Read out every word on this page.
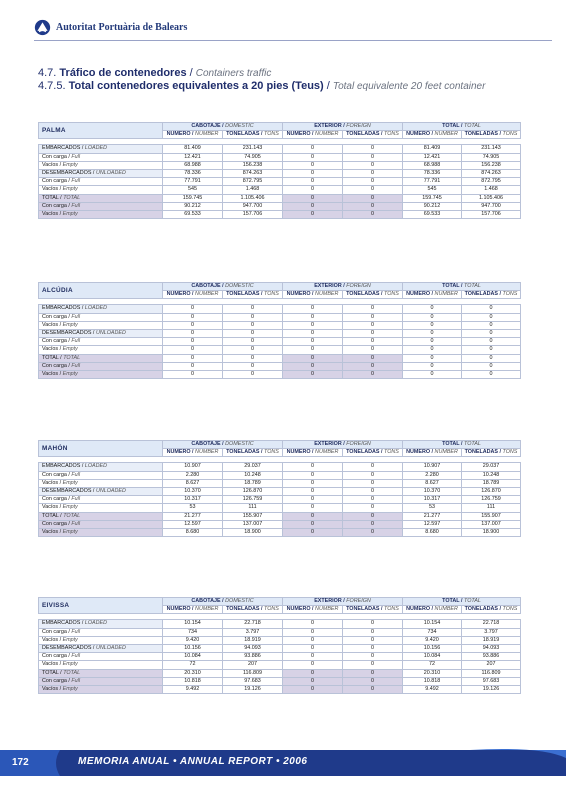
Autoritat Portuària de Balears
4.7. Tráfico de contenedores / Containers traffic
4.7.5. Total contenedores equivalentes a 20 pies (Teus) / Total equivalente 20 feet container
PALMA	CABOTAJE / DOMESTIC		EXTERIOR / FOREIGN		TOTAL / TOTAL	
	NÚMERO / NUMBER	TONELADAS / TONS	NÚMERO / NUMBER	TONELADAS / TONS	NÚMERO / NUMBER	TONELADAS / TONS

EMBARCADOS / LOADED	81.409	231.143	0	0	81.409	231.143
Con carga / Full	12.421	74.905	0	0	12.421	74.905
Vacíos / Empty	68.988	156.238	0	0	68.988	156.238
DESEMBARCADOS / UNLOADED	78.336	874.263	0	0	78.336	874.263
Con carga / Full	77.791	872.795	0	0	77.791	872.795
Vacíos / Empty	545	1.468	0	0	545	1.468
TOTAL / TOTAL	159.745	1.105.406	0	0	159.745	1.105.406
Con carga / Full	90.212	947.700	0	0	90.212	947.700
Vacíos / Empty	69.533	157.706	0	0	69.533	157.706
ALCÚDIA	CABOTAJE / DOMESTIC		EXTERIOR / FOREIGN		TOTAL / TOTAL	
	NÚMERO / NUMBER	TONELADAS / TONS	NÚMERO / NUMBER	TONELADAS / TONS	NÚMERO / NUMBER	TONELADAS / TONS

EMBARCADOS / LOADED	0	0	0	0	0	0
Con carga / Full	0	0	0	0	0	0
Vacíos / Empty	0	0	0	0	0	0
DESEMBARCADOS / UNLOADED	0	0	0	0	0	0
Con carga / Full	0	0	0	0	0	0
Vacíos / Empty	0	0	0	0	0	0
TOTAL / TOTAL	0	0	0	0	0	0
Con carga / Full	0	0	0	0	0	0
Vacíos / Empty	0	0	0	0	0	0
MAHÓN	CABOTAJE / DOMESTIC		EXTERIOR / FOREIGN		TOTAL / TOTAL	
	NÚMERO / NUMBER	TONELADAS / TONS	NÚMERO / NUMBER	TONELADAS / TONS	NÚMERO / NUMBER	TONELADAS / TONS

EMBARCADOS / LOADED	10.907	29.037	0	0	10.907	29.037
Con carga / Full	2.280	10.248	0	0	2.280	10.248
Vacíos / Empty	8.627	18.789	0	0	8.627	18.789
DESEMBARCADOS / UNLOADED	10.370	126.870	0	0	10.370	126.870
Con carga / Full	10.317	126.759	0	0	10.317	126.759
Vacíos / Empty	53	111	0	0	53	111
TOTAL / TOTAL	21.277	155.907	0	0	21.277	155.907
Con carga / Full	12.597	137.007	0	0	12.597	137.007
Vacíos / Empty	8.680	18.900	0	0	8.680	18.900
EIVISSA	CABOTAJE / DOMESTIC		EXTERIOR / FOREIGN		TOTAL / TOTAL	
	NÚMERO / NUMBER	TONELADAS / TONS	NÚMERO / NUMBER	TONELADAS / TONS	NÚMERO / NUMBER	TONELADAS / TONS

EMBARCADOS / LOADED	10.154	22.718	0	0	10.154	22.718
Con carga / Full	734	3.797	0	0	734	3.797
Vacíos / Empty	9.420	18.919	0	0	9.420	18.919
DESEMBARCADOS / UNLOADED	10.156	94.093	0	0	10.156	94.093
Con carga / Full	10.084	93.886	0	0	10.084	93.886
Vacíos / Empty	72	207	0	0	72	207
TOTAL / TOTAL	20.310	116.809	0	0	20.310	116.809
Con carga / Full	10.818	97.683	0	0	10.818	97.683
Vacíos / Empty	9.492	19.126	0	0	9.492	19.126
172	MEMORIA ANUAL • ANNUAL REPORT • 2006
